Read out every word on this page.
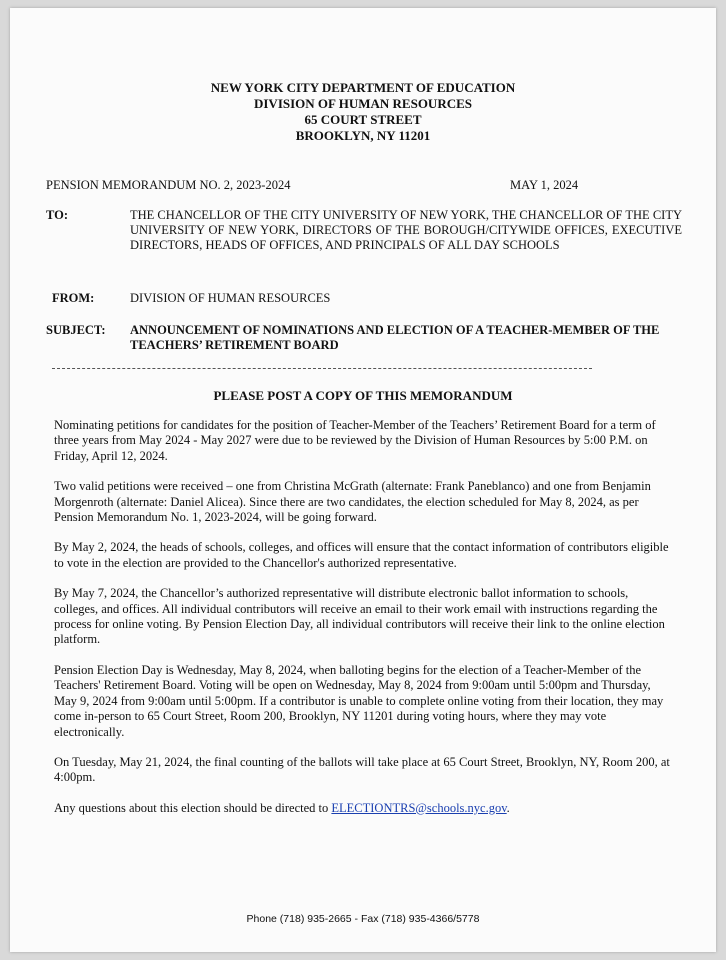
NEW YORK CITY DEPARTMENT OF EDUCATION
DIVISION OF HUMAN RESOURCES
65 COURT STREET
BROOKLYN, NY 11201
PENSION MEMORANDUM NO. 2, 2023-2024	MAY 1, 2024
TO:	THE CHANCELLOR OF THE CITY UNIVERSITY OF NEW YORK, THE CHANCELLOR OF THE CITY UNIVERSITY OF NEW YORK, DIRECTORS OF THE BOROUGH/CITYWIDE OFFICES, EXECUTIVE DIRECTORS, HEADS OF OFFICES, AND PRINCIPALS OF ALL DAY SCHOOLS
FROM:	DIVISION OF HUMAN RESOURCES
SUBJECT: ANNOUNCEMENT OF NOMINATIONS AND ELECTION OF A TEACHER-MEMBER OF THE TEACHERS’ RETIREMENT BOARD
PLEASE POST A COPY OF THIS MEMORANDUM

Nominating petitions for candidates for the position of Teacher-Member of the Teachers’ Retirement Board for a term of three years from May 2024 - May 2027 were due to be reviewed by the Division of Human Resources by 5:00 P.M. on Friday, April 12, 2024.

Two valid petitions were received – one from Christina McGrath (alternate: Frank Paneblanco) and one from Benjamin Morgenroth (alternate: Daniel Alicea). Since there are two candidates, the election scheduled for May 8, 2024, as per Pension Memorandum No. 1, 2023-2024, will be going forward.

By May 2, 2024, the heads of schools, colleges, and offices will ensure that the contact information of contributors eligible to vote in the election are provided to the Chancellor's authorized representative.

By May 7, 2024, the Chancellor’s authorized representative will distribute electronic ballot information to schools, colleges, and offices. All individual contributors will receive an email to their work email with instructions regarding the process for online voting. By Pension Election Day, all individual contributors will receive their link to the online election platform.

Pension Election Day is Wednesday, May 8, 2024, when balloting begins for the election of a Teacher-Member of the Teachers' Retirement Board. Voting will be open on Wednesday, May 8, 2024 from 9:00am until 5:00pm and Thursday, May 9, 2024 from 9:00am until 5:00pm. If a contributor is unable to complete online voting from their location, they may come in-person to 65 Court Street, Room 200, Brooklyn, NY 11201 during voting hours, where they may vote electronically.

On Tuesday, May 21, 2024, the final counting of the ballots will take place at 65 Court Street, Brooklyn, NY, Room 200, at 4:00pm.

Any questions about this election should be directed to ELECTIONTRS@schools.nyc.gov.

Phone (718) 935-2665 - Fax (718) 935-4366/5778
